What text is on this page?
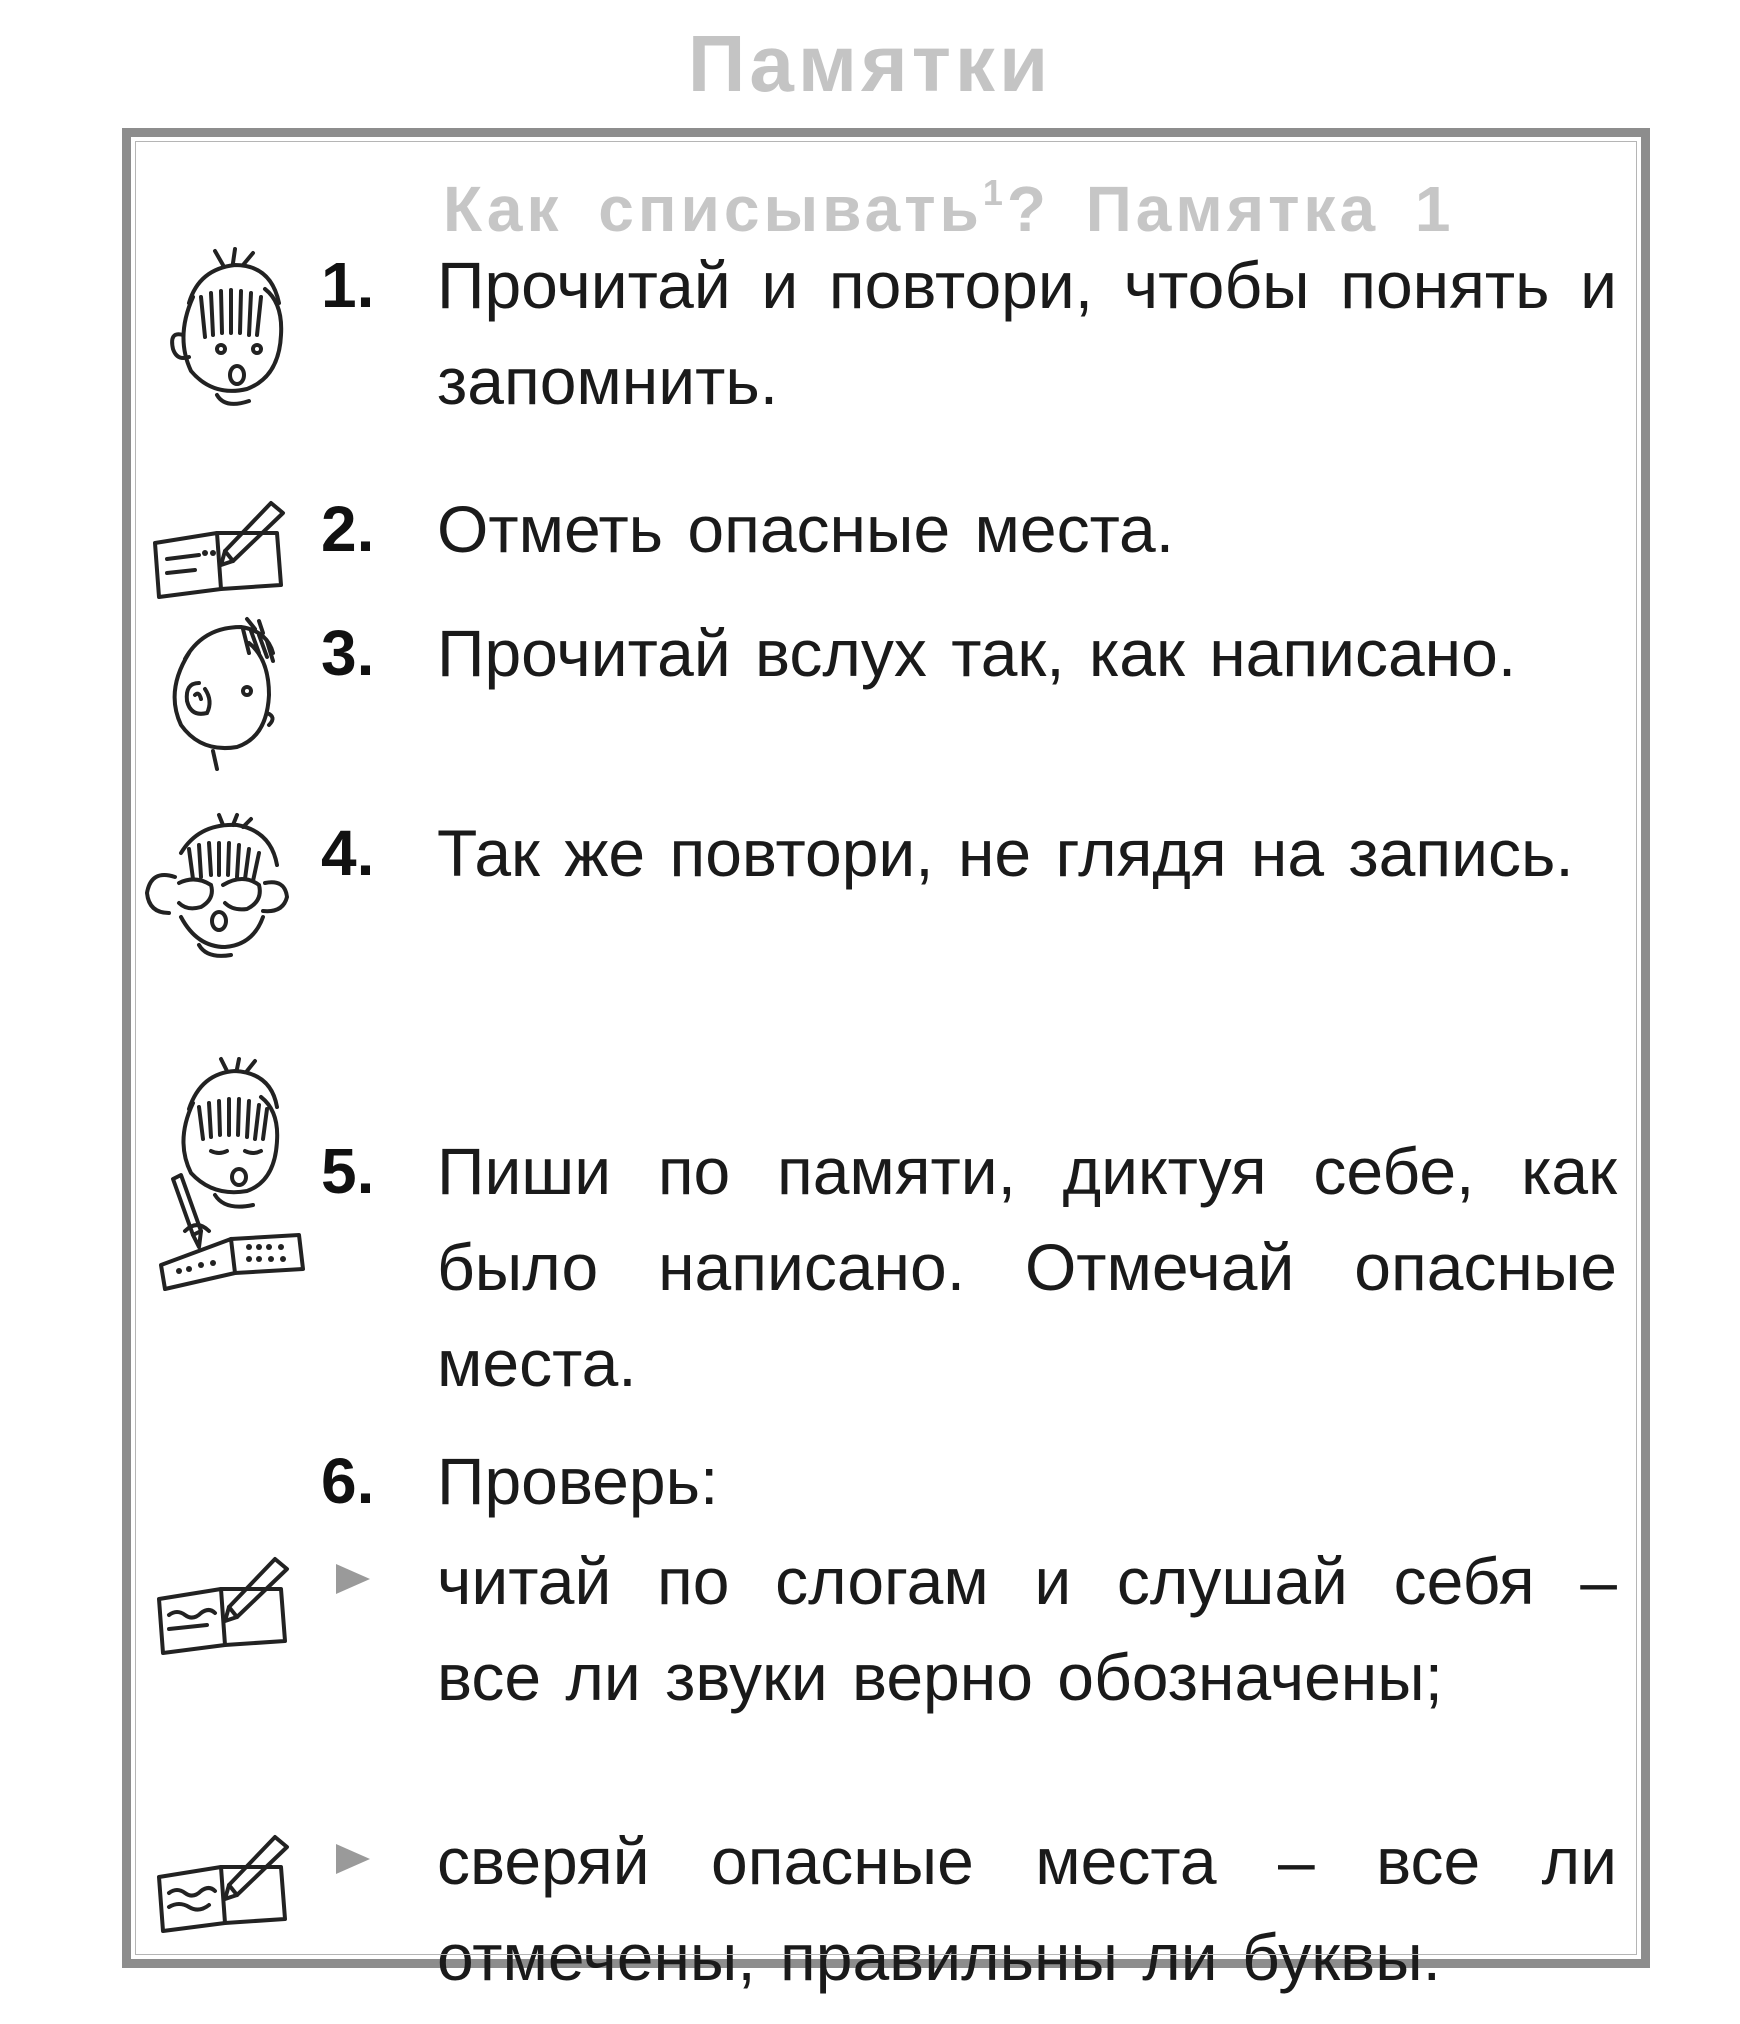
Памятки
Как списывать$^1$? Памятка 1
1. Прочитай и повтори, чтобы понять и запомнить.
2. Отметь опасные места.
3. Прочитай вслух так, как написано.
4. Так же повтори, не глядя на запись.
5. Пиши по памяти, диктуя себе, как было написано. Отмечай опасные места.
6. Проверь:
читай по слогам и слушай себя – все ли звуки верно обозначены;
сверяй опасные места – все ли отмечены, правильны ли буквы.
